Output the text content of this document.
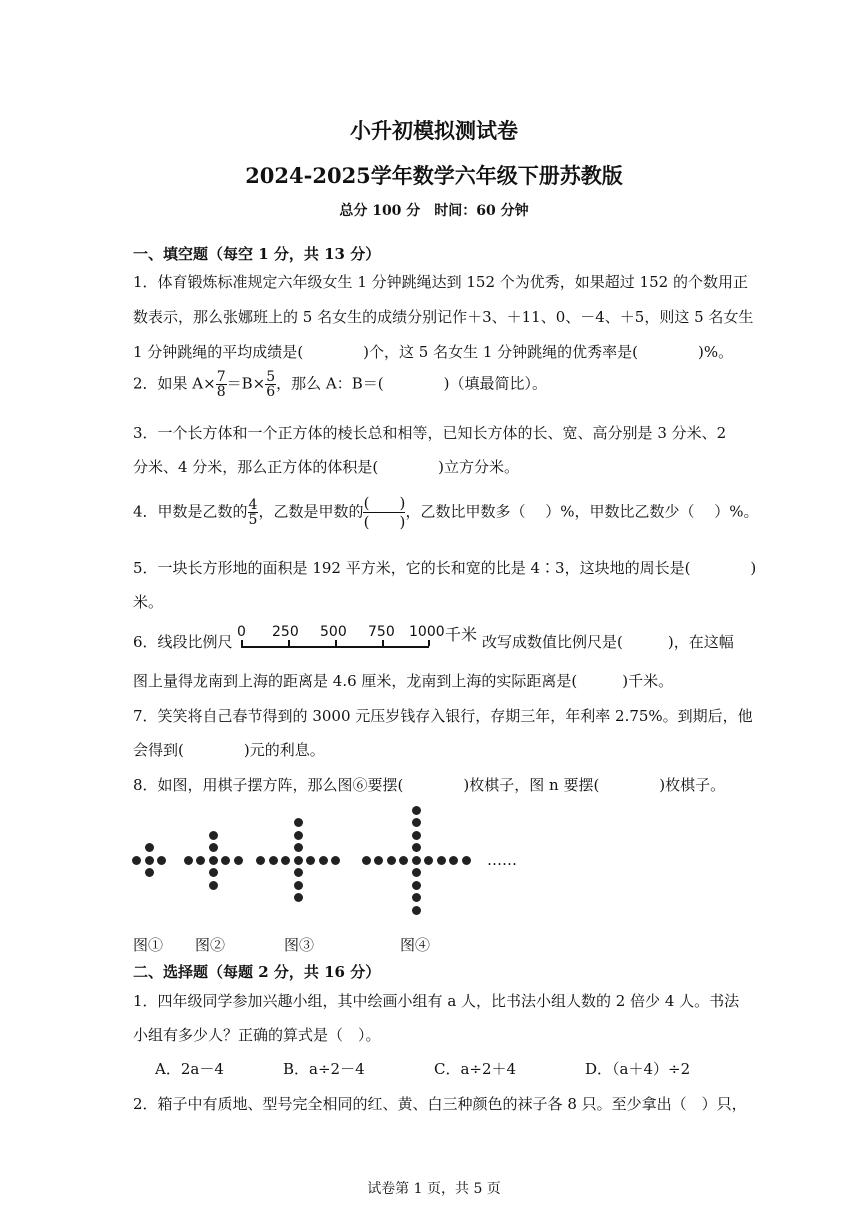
小升初模拟测试卷
2024-2025学年数学六年级下册苏教版
总分 100 分　时间：60 分钟
一、填空题（每空 1 分，共 13 分）
1．体育锻炼标准规定六年级女生 1 分钟跳绳达到 152 个为优秀，如果超过 152 的个数用正
数表示，那么张娜班上的 5 名女生的成绩分别记作＋3、＋11、0、－4、＋5，则这 5 名女生
1 分钟跳绳的平均成绩是(　　　　)个，这 5 名女生 1 分钟跳绳的优秀率是(　　　　)%。
2．如果 $A\times \frac{7}{8} =B\times \frac{5}{6}$ ，那么 A：B＝(　　　　)（填最简比）。
3．一个长方体和一个正方体的棱长总和相等，已知长方体的长、宽、高分别是 3 分米、2
分米、4 分米，那么正方体的体积是(　　　　)立方分米。
4．甲数是乙数的 $\frac{4}{5}$ ，乙数是甲数的 $\frac{( )}{( )}$，乙数比甲数多（　 ）%，甲数比乙数少（　 ）%。
5．一块长方形地的面积是 192 平方米，它的长和宽的比是 4∶3，这块地的周长是(　　　　)
米。
6．线段比例尺
0 250 500 750 1000 千米 改写成数值比例尺是(　　　)，在这幅
图上量得龙南到上海的距离是 4.6 厘米，龙南到上海的实际距离是(　　　)千米。
7．笑笑将自己春节得到的 3000 元压岁钱存入银行，存期三年，年利率 2.75%。到期后，他
会得到(　　　　)元的利息。
8．如图，用棋子摆方阵，那么图⑥要摆(　　　　)枚棋子，图 n 要摆(　　　　)枚棋子。
……
图① 图②	图③	图④
二、选择题（每题 2 分，共 16 分）
1．四年级同学参加兴趣小组，其中绘画小组有 a 人，比书法小组人数的 2 倍少 4 人。书法
小组有多少人？正确的算式是（　）。
A．2a－4	B．a÷2－4	C．a÷2＋4	D．（a＋4）÷2
2．箱子中有质地、型号完全相同的红、黄、白三种颜色的袜子各 8 只。至少拿出（　）只，
试卷第 1 页，共 5 页
